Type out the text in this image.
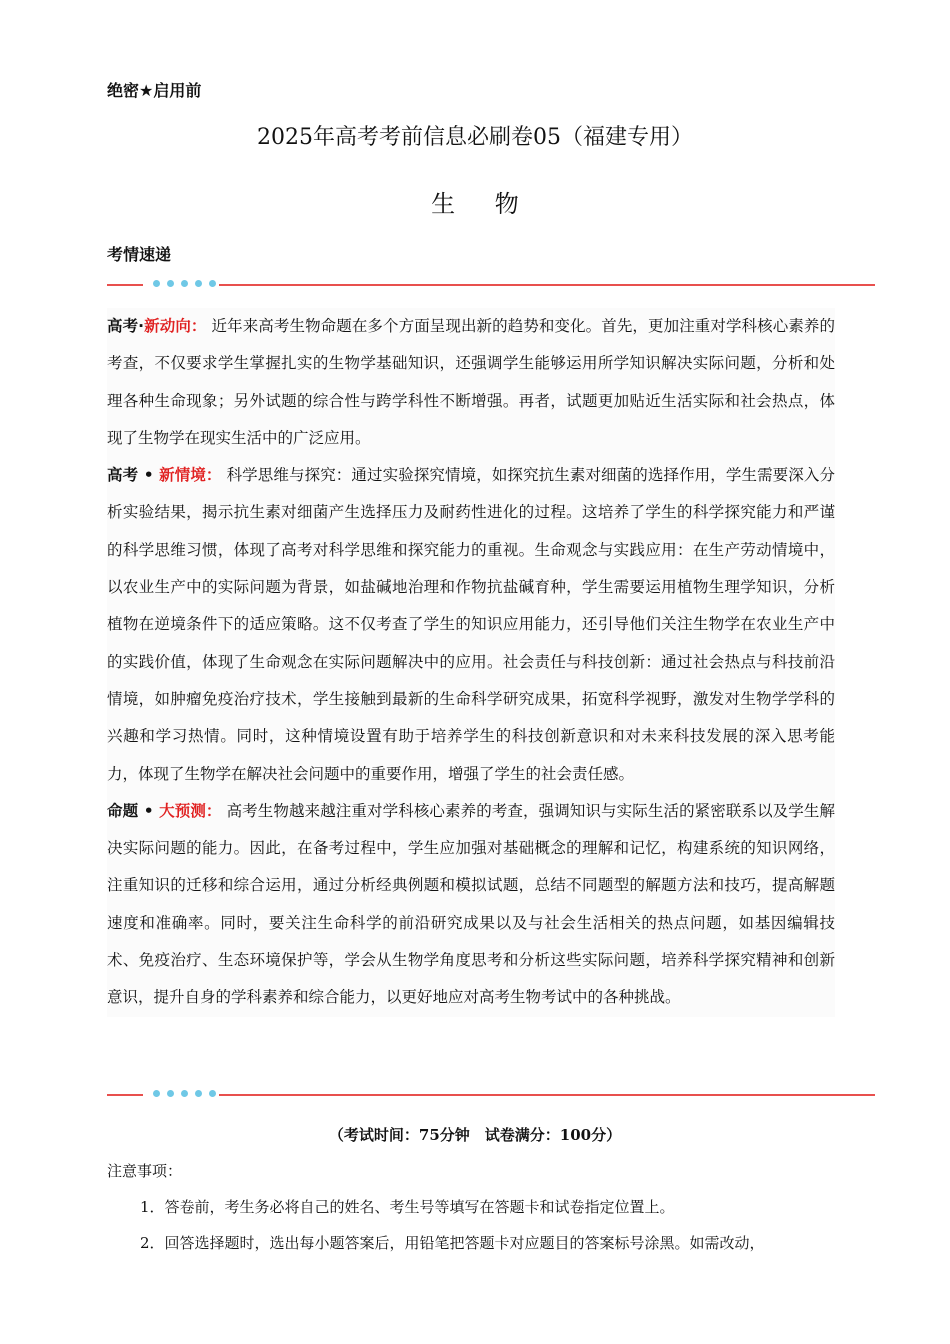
绝密★启用前
2025年高考考前信息必刷卷05（福建专用）
生 物
考情速递

高考·新动向： 近年来高考生物命题在多个方面呈现出新的趋势和变化。首先，更加注重对学科核心素养的考查，不仅要求学生掌握扎实的生物学基础知识，还强调学生能够运用所学知识解决实际问题，分析和处理各种生命现象；另外试题的综合性与跨学科性不断增强。再者，试题更加贴近生活实际和社会热点，体现了生物学在现实生活中的广泛应用。

高考 • 新情境： 科学思维与探究：通过实验探究情境，如探究抗生素对细菌的选择作用，学生需要深入分析实验结果，揭示抗生素对细菌产生选择压力及耐药性进化的过程。这培养了学生的科学探究能力和严谨的科学思维习惯，体现了高考对科学思维和探究能力的重视。生命观念与实践应用：在生产劳动情境中，以农业生产中的实际问题为背景，如盐碱地治理和作物抗盐碱育种，学生需要运用植物生理学知识，分析植物在逆境条件下的适应策略。这不仅考查了学生的知识应用能力，还引导他们关注生物学在农业生产中的实践价值，体现了生命观念在实际问题解决中的应用。社会责任与科技创新：通过社会热点与科技前沿情境，如肿瘤免疫治疗技术，学生接触到最新的生命科学研究成果，拓宽科学视野，激发对生物学学科的兴趣和学习热情。同时，这种情境设置有助于培养学生的科技创新意识和对未来科技发展的深入思考能力，体现了生物学在解决社会问题中的重要作用，增强了学生的社会责任感。

命题 • 大预测： 高考生物越来越注重对学科核心素养的考查，强调知识与实际生活的紧密联系以及学生解决实际问题的能力。因此，在备考过程中，学生应加强对基础概念的理解和记忆，构建系统的知识网络，注重知识的迁移和综合运用，通过分析经典例题和模拟试题，总结不同题型的解题方法和技巧，提高解题速度和准确率。同时，要关注生命科学的前沿研究成果以及与社会生活相关的热点问题，如基因编辑技术、免疫治疗、生态环境保护等，学会从生物学角度思考和分析这些实际问题，培养科学探究精神和创新意识，提升自身的学科素养和综合能力，以更好地应对高考生物考试中的各种挑战。

（考试时间：75分钟　试卷满分：100分）
注意事项：
1．答卷前，考生务必将自己的姓名、考生号等填写在答题卡和试卷指定位置上。
2．回答选择题时，选出每小题答案后，用铅笔把答题卡对应题目的答案标号涂黑。如需改动，
